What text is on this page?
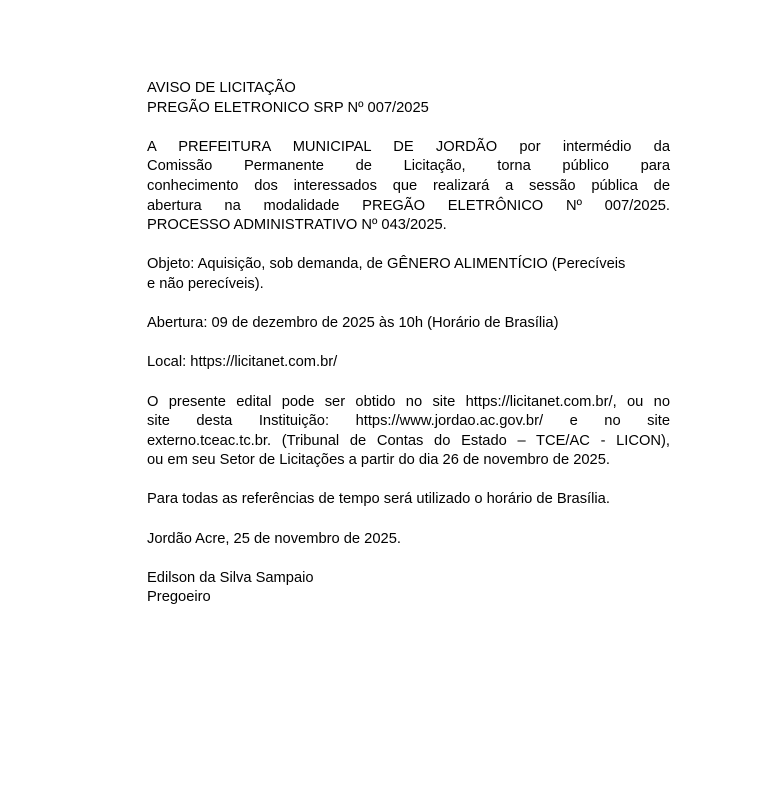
AVISO DE LICITAÇÃO
PREGÃO ELETRONICO SRP Nº 007/2025
A PREFEITURA MUNICIPAL DE JORDÃO por intermédio da
Comissão Permanente de Licitação, torna público para
conhecimento dos interessados que realizará a sessão pública de
abertura na modalidade PREGÃO ELETRÔNICO Nº 007/2025.
PROCESSO ADMINISTRATIVO Nº 043/2025.
Objeto: Aquisição, sob demanda, de GÊNERO ALIMENTÍCIO (Perecíveis
e não perecíveis).
Abertura: 09 de dezembro de 2025 às 10h (Horário de Brasília)
Local: https://licitanet.com.br/
O presente edital pode ser obtido no site https://licitanet.com.br/, ou no
site desta Instituição: https://www.jordao.ac.gov.br/ e no site
externo.tceac.tc.br. (Tribunal de Contas do Estado – TCE/AC - LICON),
ou em seu Setor de Licitações a partir do dia 26 de novembro de 2025.
Para todas as referências de tempo será utilizado o horário de Brasília.
Jordão Acre, 25 de novembro de 2025.
Edilson da Silva Sampaio
Pregoeiro
